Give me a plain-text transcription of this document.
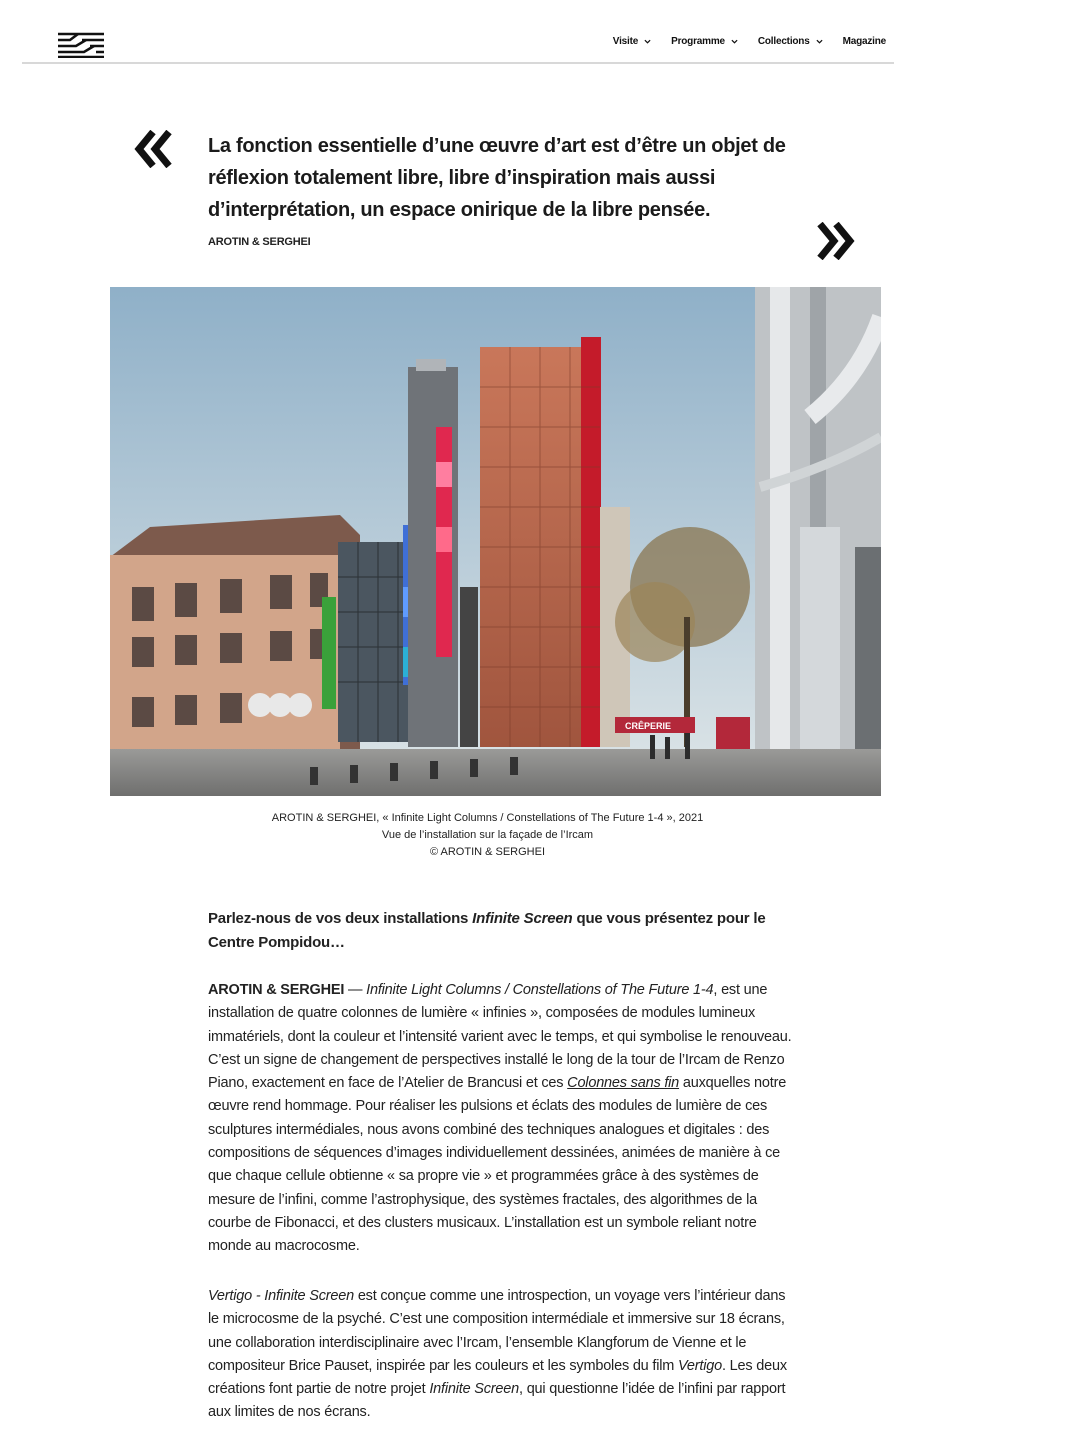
Visite	Programme	Collections	Magazine
La fonction essentielle d’une œuvre d’art est d’être un objet de
réflexion totalement libre, libre d’inspiration mais aussi
d’interprétation, un espace onirique de la libre pensée.
AROTIN & SERGHEI
CRÊPERIE
AROTIN & SERGHEI, « Infinite Light Columns / Constellations of The Future 1-4 », 2021
Vue de l’installation sur la façade de l’Ircam
© AROTIN & SERGHEI
Parlez-nous de vos deux installations Infinite Screen que vous présentez pour le Centre Pompidou…
AROTIN & SERGHEI — Infinite Light Columns / Constellations of The Future 1-4, est une installation de quatre colonnes de lumière « infinies », composées de modules lumineux immatériels, dont la couleur et l’intensité varient avec le temps, et qui symbolise le renouveau. C’est un signe de changement de perspectives installé le long de la tour de l’Ircam de Renzo Piano, exactement en face de l’Atelier de Brancusi et ces Colonnes sans fin auxquelles notre œuvre rend hommage. Pour réaliser les pulsions et éclats des modules de lumière de ces sculptures intermédiales, nous avons combiné des techniques analogues et digitales : des compositions de séquences d’images individuellement dessinées, animées de manière à ce que chaque cellule obtienne « sa propre vie » et programmées grâce à des systèmes de mesure de l’infini, comme l’astrophysique, des systèmes fractales, des algorithmes de la courbe de Fibonacci, et des clusters musicaux. L’installation est un symbole reliant notre monde au macrocosme.
Vertigo - Infinite Screen est conçue comme une introspection, un voyage vers l’intérieur dans le microcosme de la psyché. C’est une composition intermédiale et immersive sur 18 écrans, une collaboration interdisciplinaire avec l’Ircam, l’ensemble Klangforum de Vienne et le compositeur Brice Pauset, inspirée par les couleurs et les symboles du film Vertigo. Les deux créations font partie de notre projet Infinite Screen, qui questionne l’idée de l’infini par rapport aux limites de nos écrans.
